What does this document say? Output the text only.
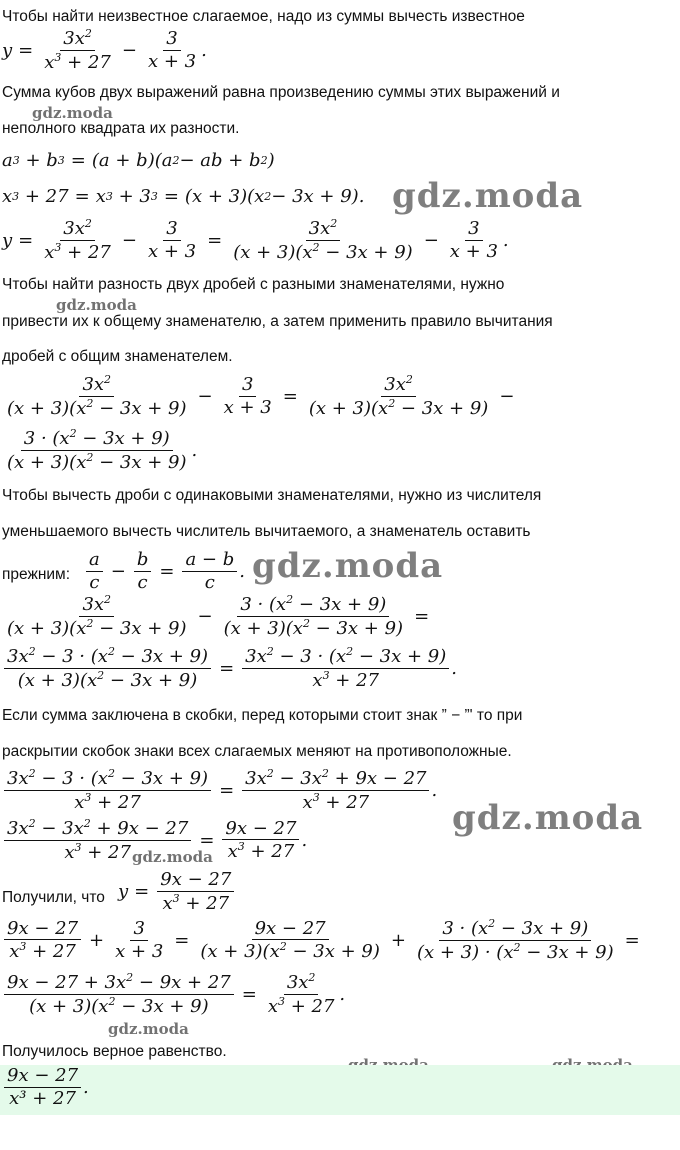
Чтобы найти неизвестное слагаемое, надо из суммы вычесть известное
$y = \frac{3x^2}{x^3 + 27} - \frac{3}{x + 3}$ .
Сумма кубов двух выражений равна произведению суммы этих выражений и
gdz.moda
неполного квадрата их разности.
a 3 + b 3 = (a + b)(a 2 − ab + b 2 )
x 3 + 27 = x 3 + 3 3 = (x + 3)(x 2 − 3x + 9). gdz.moda
$y = \frac{3x^2}{x^3 + 27} - \frac{3}{x + 3} = \frac{3x^2}{(x + 3)(x^2 - 3x + 9)} - \frac{3}{x + 3}$ .
Чтобы найти разность двух дробей с разными знаменателями, нужно
gdz.moda
привести их к общему знаменателю, а затем применить правило вычитания
дробей с общим знаменателем.
$3x^2$
$(x + 3)(x^2 - 3x + 9)$
− $\frac{3}{x + 3} = \frac{3x^2}{(x + 3)(x^2 - 3x + 9)}$ −
$3 \cdot (x^2 - 3x + 9)$
$(x + 3)(x^2 - 3x + 9)$
.
Чтобы вычесть дроби с одинаковыми знаменателями, нужно из числителя
уменьшаемого вычесть числитель вычитаемого, а знаменатель оставить
прежним:
a
c
− $\frac{b}{c} = \frac{a - b}{c}$ . gdz.moda
$3x^2$
$(x + 3)(x^2 - 3x + 9)$
− $\frac{3 \cdot (x^2 - 3x + 9)}{(x + 3)(x^2 - 3x + 9)}$ =
$\frac{3x^2 - 3 \cdot (x^2 - 3x + 9)}{(x + 3)(x^2 - 3x + 9)} = \frac{3x^2 - 3 \cdot (x^2 - 3x + 9)}{x^3 + 27}$ .
Если сумма заключена в скобки, перед которыми стоит знак ” − ”' то при
раскрытии скобок знаки всех слагаемых меняют на противоположные.
$\frac{3x^2 - 3 \cdot (x^2 - 3x + 9)}{x^3 + 27} = \frac{3x^2 - 3x^2 + 9x - 27}{x^3 + 27}$ .
gdz.moda
$\frac{3x^2 - 3x^2 + 9x - 27}{x^3 + 27} = \frac{9x - 27}{x^3 + 27}$ .
gdz.moda
Получили, что $y = \frac{9x - 27}{x^3 + 27}$
9x − 27
$x^3 + 27$
+ $\frac{3}{x + 3} = \frac{9x - 27}{(x + 3)(x^2 - 3x + 9)} + \frac{3 \cdot (x^2 - 3x + 9)}{(x + 3) \cdot (x^2 - 3x + 9)}$ =
$\frac{9x - 27 + 3x^2 - 9x + 27}{(x + 3)(x^2 - 3x + 9)} = \frac{3x^2}{x^3 + 27}$ .
gdz.moda
Получилось верное равенство.
9x − 27
x³ + 27
.
